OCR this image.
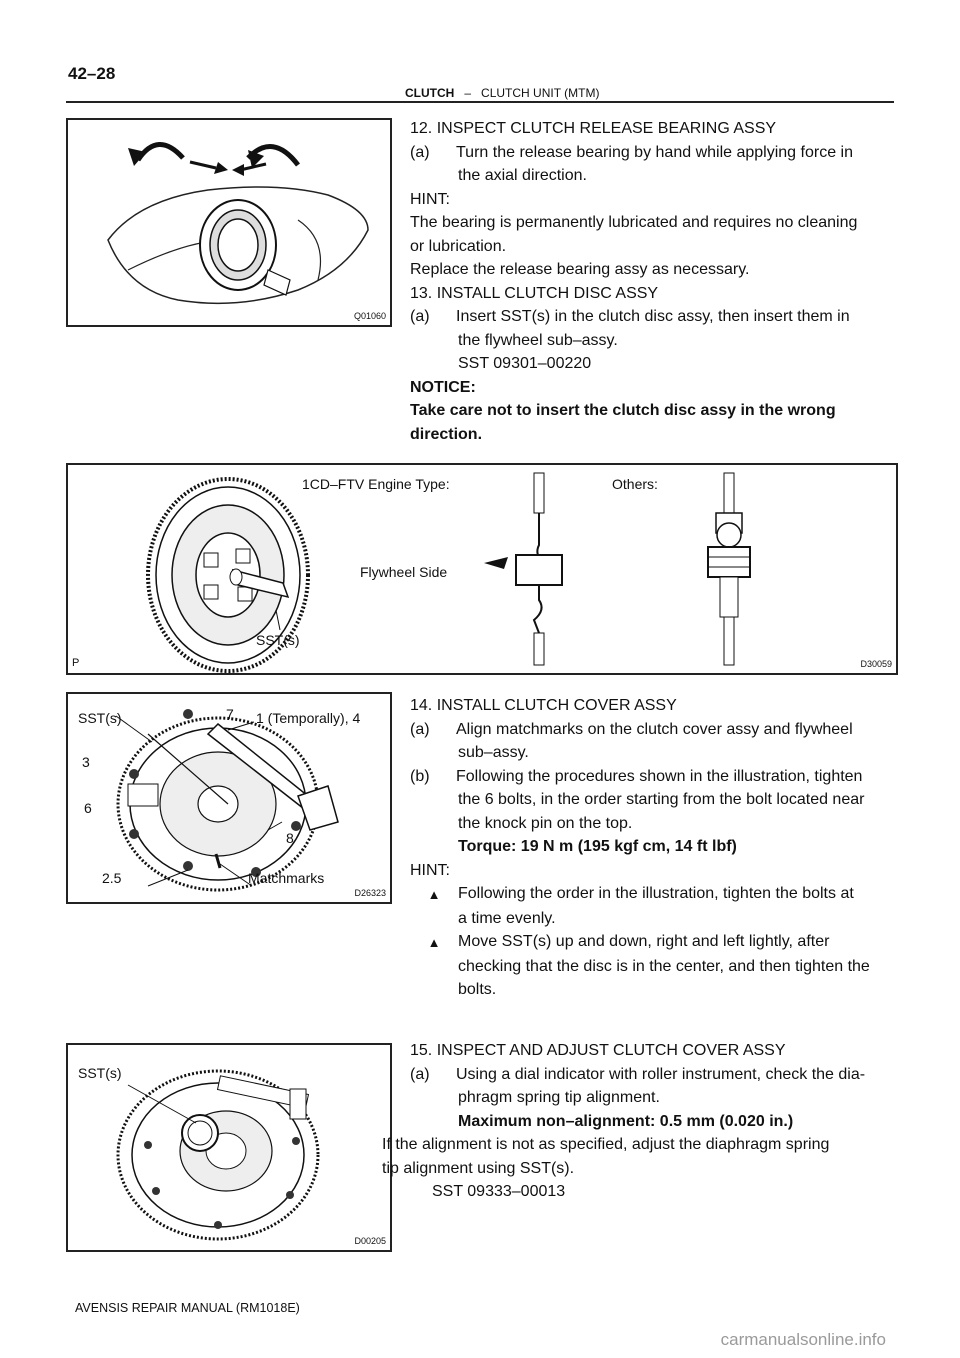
42–28
CLUTCH – CLUTCH UNIT (MTM)
Q01060
12. INSPECT CLUTCH RELEASE BEARING ASSY
(a)	Turn the release bearing by hand while applying force in
the axial direction.
HINT:
The bearing is permanently lubricated and requires no cleaning
or lubrication.
Replace the release bearing assy as necessary.
13. INSTALL CLUTCH DISC ASSY
(a)	Insert SST(s) in the clutch disc assy, then insert them in
the flywheel sub–assy.
SST 09301–00220
NOTICE:
Take care not to insert the clutch disc assy in the wrong
direction.
1CD–FTV Engine Type:	Others:
Flywheel Side
SST(s)
P	D30059
SST(s)	7 1 (Temporally), 4
3
6
8
2.5	Matchmarks
D26323
14. INSTALL CLUTCH COVER ASSY
(a)	Align matchmarks on the clutch cover assy and flywheel
sub–assy.
(b)	Following the procedures shown in the illustration, tighten
the 6 bolts, in the order starting from the bolt located near
the knock pin on the top.
Torque: 19 N m (195 kgf cm, 14 ft lbf)
HINT:
▲	Following the order in the illustration, tighten the bolts at
a time evenly.
▲	Move SST(s) up and down, right and left lightly, after
checking that the disc is in the center, and then tighten the
bolts.
SST(s)
D00205
15. INSPECT AND ADJUST CLUTCH COVER ASSY
(a)	Using a dial indicator with roller instrument, check the dia-
phragm spring tip alignment.
Maximum non–alignment: 0.5 mm (0.020 in.)
If the alignment is not as specified, adjust the diaphragm spring
tip alignment using SST(s).
SST 09333–00013
AVENSIS REPAIR MANUAL (RM1018E)
carmanualsonline.info
